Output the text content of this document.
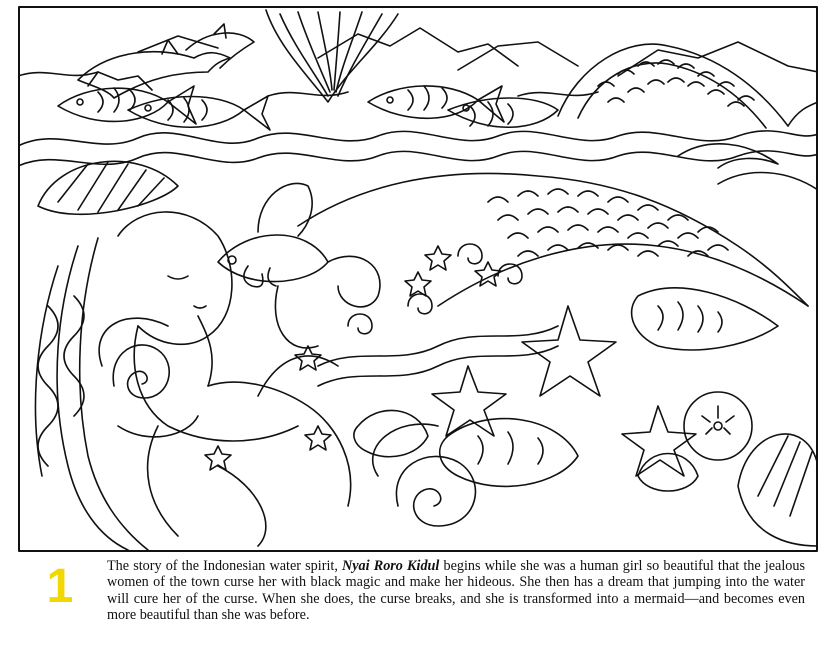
1	The story of the Indonesian water spirit, Nyai Roro Kidul begins while she was a human girl so beautiful that the jealous women of the town curse her with black magic and make her hideous. She then has a dream that jumping into the water will cure her of the curse. When she does, the curse breaks, and she is transformed into a mermaid—and becomes even more beautiful than she was before.
